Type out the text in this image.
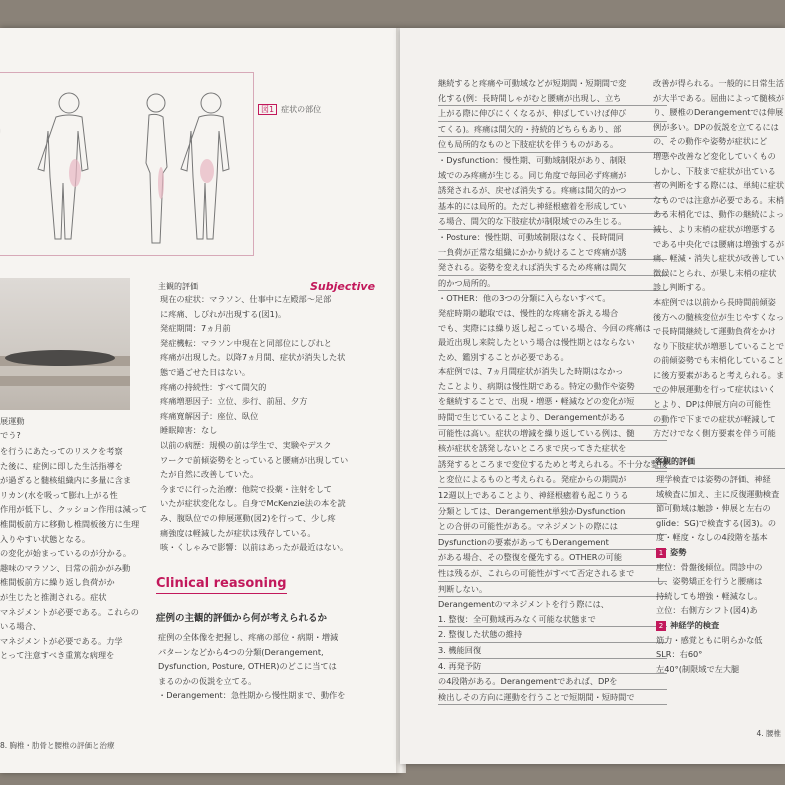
図1 症状の部位
展運動
でう?
主観的評価	Subjective
現在の症状：マラソン、仕事中に左殿部～足部
に疼痛、しびれが出現する(図1)。
発症期間：7ヵ月前
発症機転：マラソン中現在と同部位にしびれと
疼痛が出現した。以降7ヵ月間、症状が消失した状
態で過ごせた日はない。
疼痛の持続性：すべて間欠的
疼痛増悪因子：立位、歩行、前屈、夕方
疼痛寛解因子：座位、臥位
睡眠障害：なし
以前の病歴：規模の前は学生で、実験やデスク
ワークで前傾姿勢をとっていると腰痛が出現してい
たが自然に改善していた。
今までに行った治療：他院で投薬・注射をして
いたが症状変化なし。自身でMcKenzie法の本を読
み、腹臥位での伸展運動(図2)を行って、少し疼
痛強度は軽減したが症状は残存している。
咳・くしゃみで影響：以前はあったが最近はない。
を行うにあたってのリスクを考察
た後に、症例に即した生活指導を
が過ぎると髄核組織内に多量に含ま
リカン(水を吸って膨れ上がる性
作用が低下し、クッション作用は減って
椎間板前方に移動し椎間板後方に生理
入りやすい状態となる。
の変化が始まっているのが分かる。
趣味のマラソン、日常の前かがみ動
椎間板前方に繰り返し負荷がか
が生じたと推測される。症状
マネジメントが必要である。これらの
いる場合、
マネジメントが必要である。力学
とって注意すべき重篤な病理を
Clinical reasoning
症例の主観的評価から何が考えられるか
症例の全体像を把握し、疼痛の部位・病期・増減
パターンなどから4つの分類(Derangement,
Dysfunction, Posture, OTHER)のどこに当ては
まるのかの仮説を立てる。
・Derangement：急性期から慢性期まで、動作を
8. 胸椎・肋骨と腰椎の評価と治療
継続すると疼痛や可動域などが短期間・短期間で変
化する(例：長時間しゃがむと腰痛が出現し、立ち
上がる際に伸びにくくなるが、伸ばしていけば伸び
てくる)。疼痛は間欠的・持続的どちらもあり、部
位も局所的なものと下肢症状を伴うものがある。
・Dysfunction：慢性期、可動域制限があり、制限
域でのみ疼痛が生じる。同じ角度で毎回必ず疼痛が
誘発されるが、戻せば消失する。疼痛は間欠的かつ
基本的には局所的。ただし神経根癒着を形成してい
る場合、間欠的な下肢症状が制限域でのみ生じる。
・Posture：慢性期、可動域制限はなく、長時間同
一負荷が正常な組織にかかり続けることで疼痛が誘
発される。姿勢を変えれば消失するため疼痛は間欠
的かつ局所的。
・OTHER：他の3つの分類に入らないすべて。
発症時期の聴取では、慢性的な疼痛を訴える場合
でも、実際には繰り返し起こっている場合、今回の疼痛は
最近出現し来院したという場合は慢性期とはならない
ため、鑑別することが必要である。
本症例では、7ヵ月間症状が消失した時期はなかっ
たことより、病期は慢性期である。特定の動作や姿勢
を継続することで、出現・増悪・軽減などの変化が短
時間で生じていることより、Derangementがある
可能性は高い。症状の増減を繰り返している例は、髄
核が症状を誘発しないところまで戻ってきた症状を
誘発するところまで変位するためと考えられる。不十分な整復
と変位によるものと考えられる。発症からの期間が
12週以上であることより、神経根癒着も起こりうる
分類としては、Derangement単独かDysfunction
との合併の可能性がある。マネジメントの際には
Dysfunctionの要素があってもDerangement
がある場合、その整復を優先する。OTHERの可能
性は残るが、これらの可能性がすべて否定されるまで
判断しない。
Derangementのマネジメントを行う際には、
1. 整復：全可動域再みなく可能な状態まで
2. 整復した状態の維持
3. 機能回復
4. 再発予防
の4段階がある。Derangementであれば、DPを
検出しその方向に運動を行うことで短期間・短時間で
改善が得られる。一般的に日常生活
が大半である。屈曲によって髄核が
り、腰椎のDerangementでは伸展
例が多い。DPの仮説を立てるには
の、その動作や姿勢が症状にど
増悪や改善など変化していくもの
しかし、下肢まで症状が出ている
者の判断をする際には、単純に症状
なものでは注意が必要である。末梢
ある末梢化では、動作の継続によっ
減し、より末梢の症状が増悪する
である中央化では腰痛は増強するが
痛、軽減・消失し症状が改善してい
徴候にとられ、が果し末梢の症状
診し判断する。
本症例では以前から長時間前傾姿
後方への髄核変位が生じやすくなっ
で長時間継続して運動負荷をかけ
なり下肢症状が増悪していることで
の前傾姿勢でも末梢化していること
に後方要素があると考えられる。ま
での伸展運動を行って症状はいく
とより、DPは伸展方向の可能性
の動作で下までの症状が軽減して
方だけでなく側方要素を伴う可能
客観的評価
理学検査では姿勢の評価、神経
域検査に加え、主に反復運動検査
節可動域は触診・伸展と左右の
glide：SG)で検査する(図3)。の
度・軽度・なしの4段階を基本
1 姿勢
座位：骨盤後傾位。問診中の
し、姿勢矯正を行うと腰痛は
持続しても増強・軽減なし。
立位：右側方シフト(図4)あ
2 神経学的検査
筋力・感覚ともに明らかな低
SLR：右60°
左40°(制限域で左大腿
4. 腰椎
